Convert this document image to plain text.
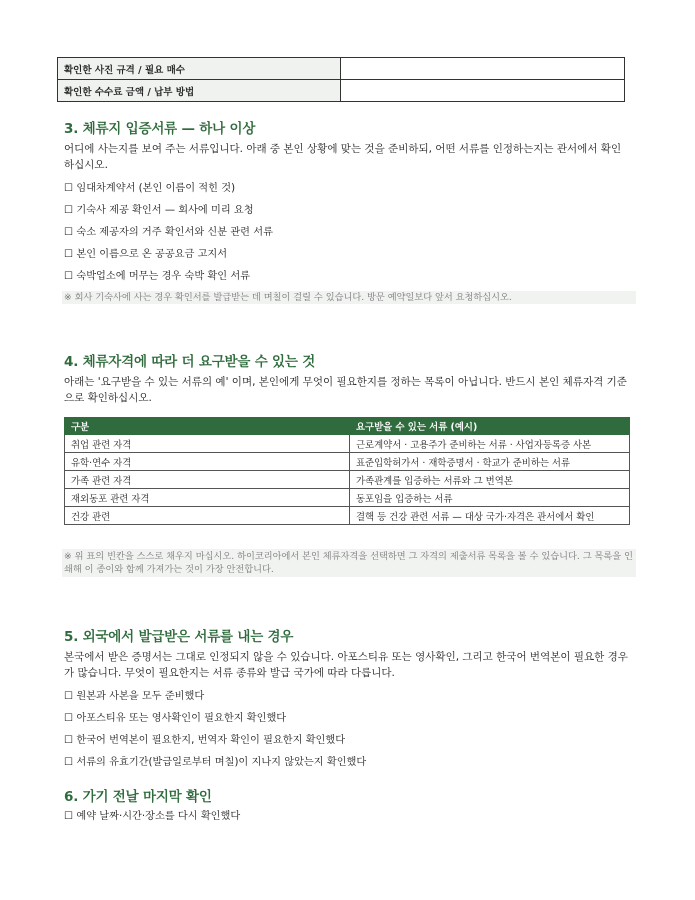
확인한 사진 규격 / 필요 매수	
확인한 수수료 금액 / 납부 방법	
3. 체류지 입증서류 — 하나 이상

어디에 사는지를 보여 주는 서류입니다. 아래 중 본인 상황에 맞는 것을 준비하되, 어떤 서류를 인정하는지는 관서에서 확인하십시오.

☐ 임대차계약서 (본인 이름이 적힌 것)
☐ 기숙사 제공 확인서 — 회사에 미리 요청
☐ 숙소 제공자의 거주 확인서와 신분 관련 서류
☐ 본인 이름으로 온 공공요금 고지서
☐ 숙박업소에 머무는 경우 숙박 확인 서류
※ 회사 기숙사에 사는 경우 확인서를 발급받는 데 며칠이 걸릴 수 있습니다. 방문 예약일보다 앞서 요청하십시오.
4. 체류자격에 따라 더 요구받을 수 있는 것

아래는 '요구받을 수 있는 서류의 예' 이며, 본인에게 무엇이 필요한지를 정하는 목록이 아닙니다. 반드시 본인 체류자격 기준으로 확인하십시오.

구분	요구받을 수 있는 서류 (예시)
취업 관련 자격	근로계약서 · 고용주가 준비하는 서류 · 사업자등록증 사본
유학·연수 자격	표준입학허가서 · 재학증명서 · 학교가 준비하는 서류
가족 관련 자격	가족관계를 입증하는 서류와 그 번역본
재외동포 관련 자격	동포임을 입증하는 서류
건강 관련	결핵 등 건강 관련 서류 — 대상 국가·자격은 관서에서 확인
※ 위 표의 빈칸을 스스로 채우지 마십시오. 하이코리아에서 본인 체류자격을 선택하면 그 자격의 제출서류 목록을 볼 수 있습니다. 그 목록을 인쇄해 이 종이와 함께 가져가는 것이 가장 안전합니다.
5. 외국에서 발급받은 서류를 내는 경우

본국에서 받은 증명서는 그대로 인정되지 않을 수 있습니다. 아포스티유 또는 영사확인, 그리고 한국어 번역본이 필요한 경우가 많습니다. 무엇이 필요한지는 서류 종류와 발급 국가에 따라 다릅니다.

☐ 원본과 사본을 모두 준비했다
☐ 아포스티유 또는 영사확인이 필요한지 확인했다
☐ 한국어 번역본이 필요한지, 번역자 확인이 필요한지 확인했다
☐ 서류의 유효기간(발급일로부터 며칠)이 지나지 않았는지 확인했다
6. 가기 전날 마지막 확인
☐ 예약 날짜·시간·장소를 다시 확인했다
